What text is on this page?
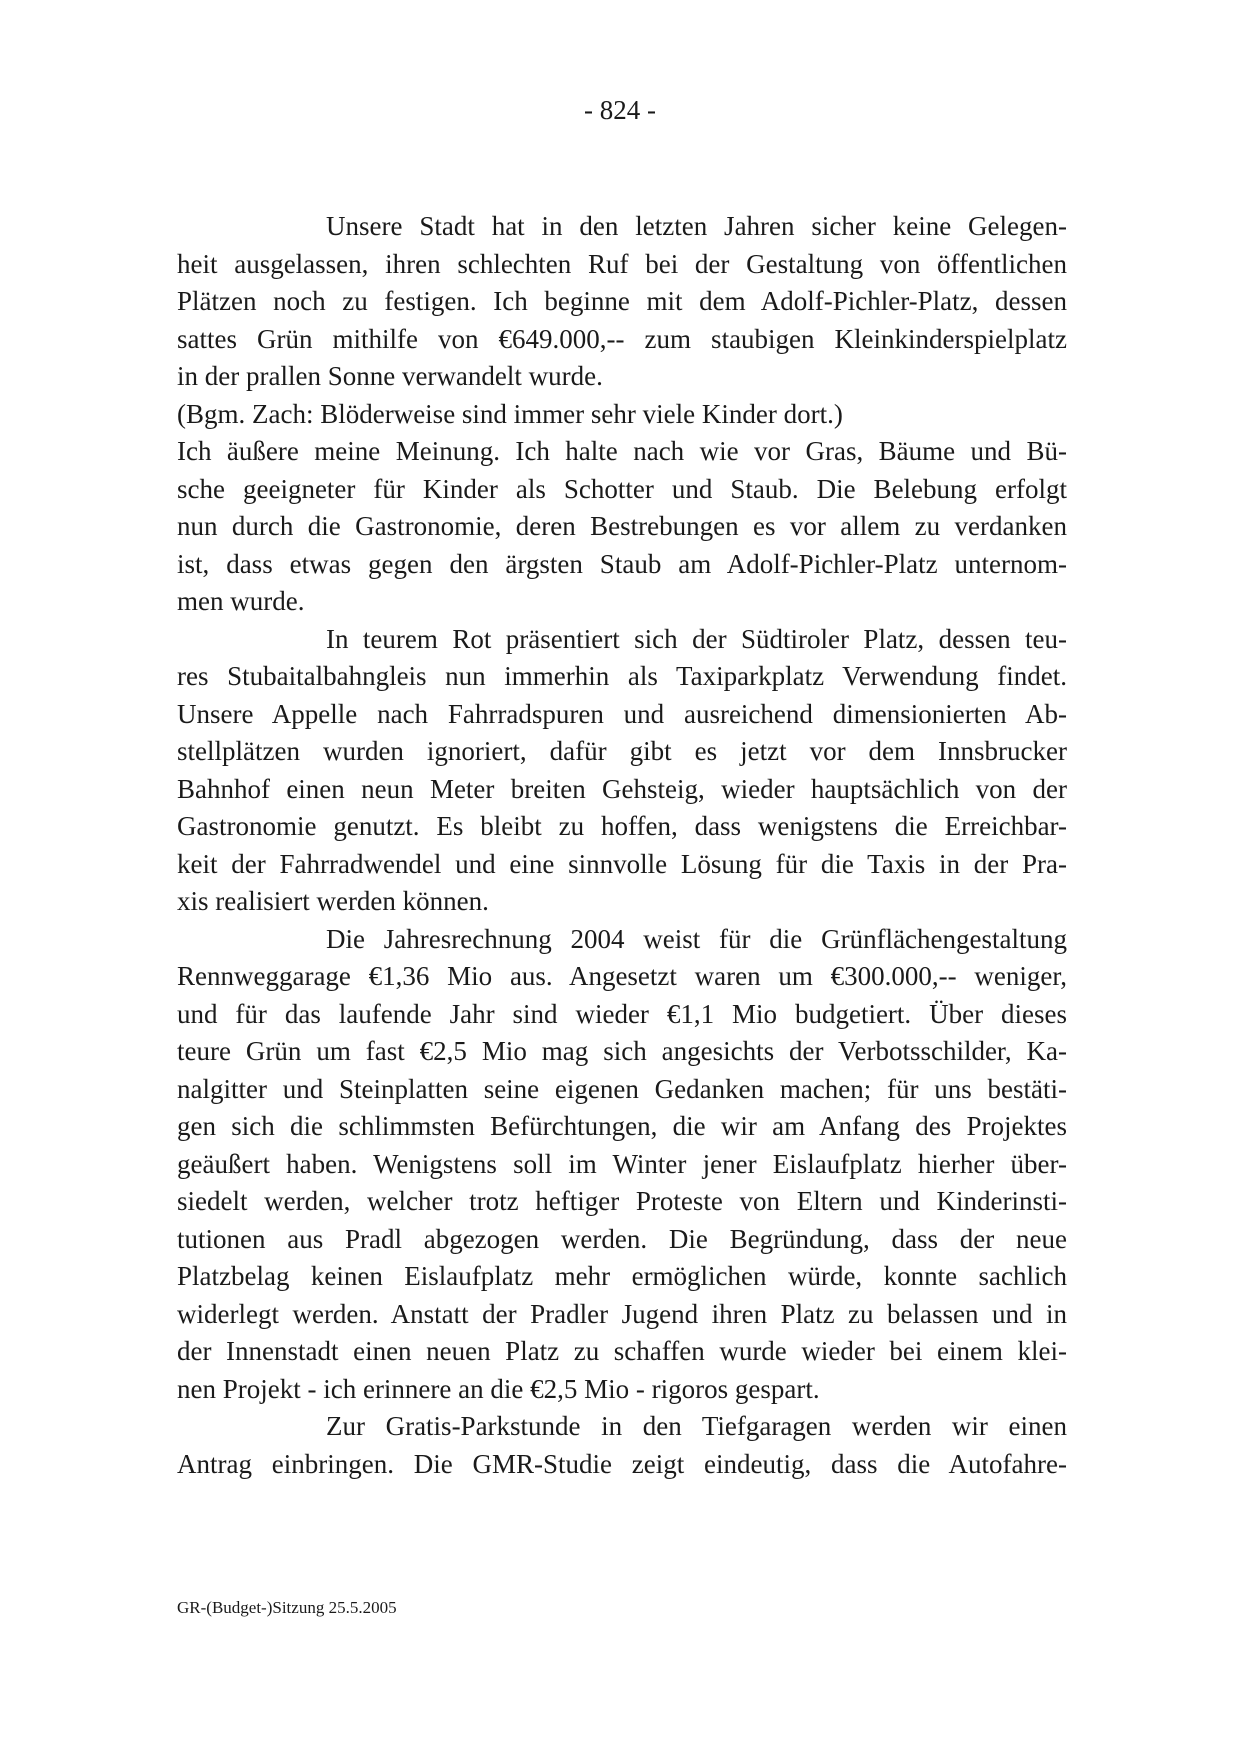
- 824 -
Unsere Stadt hat in den letzten Jahren sicher keine Gelegen-
heit ausgelassen, ihren schlechten Ruf bei der Gestaltung von öffentlichen
Plätzen noch zu festigen. Ich beginne mit dem Adolf-Pichler-Platz, dessen
sattes Grün mithilfe von €649.000,-- zum staubigen Kleinkinderspielplatz
in der prallen Sonne verwandelt wurde.
(Bgm. Zach: Blöderweise sind immer sehr viele Kinder dort.)
Ich äußere meine Meinung. Ich halte nach wie vor Gras, Bäume und Bü-
sche geeigneter für Kinder als Schotter und Staub. Die Belebung erfolgt
nun durch die Gastronomie, deren Bestrebungen es vor allem zu verdanken
ist, dass etwas gegen den ärgsten Staub am Adolf-Pichler-Platz unternom-
men wurde.
In teurem Rot präsentiert sich der Südtiroler Platz, dessen teu-
res Stubaitalbahngleis nun immerhin als Taxiparkplatz Verwendung findet.
Unsere Appelle nach Fahrradspuren und ausreichend dimensionierten Ab-
stellplätzen wurden ignoriert, dafür gibt es jetzt vor dem Innsbrucker
Bahnhof einen neun Meter breiten Gehsteig, wieder hauptsächlich von der
Gastronomie genutzt. Es bleibt zu hoffen, dass wenigstens die Erreichbar-
keit der Fahrradwendel und eine sinnvolle Lösung für die Taxis in der Pra-
xis realisiert werden können.
Die Jahresrechnung 2004 weist für die Grünflächengestaltung
Rennweggarage €1,36 Mio aus. Angesetzt waren um €300.000,-- weniger,
und für das laufende Jahr sind wieder €1,1 Mio budgetiert. Über dieses
teure Grün um fast €2,5 Mio mag sich angesichts der Verbotsschilder, Ka-
nalgitter und Steinplatten seine eigenen Gedanken machen; für uns bestäti-
gen sich die schlimmsten Befürchtungen, die wir am Anfang des Projektes
geäußert haben. Wenigstens soll im Winter jener Eislaufplatz hierher über-
siedelt werden, welcher trotz heftiger Proteste von Eltern und Kinderinsti-
tutionen aus Pradl abgezogen werden. Die Begründung, dass der neue
Platzbelag keinen Eislaufplatz mehr ermöglichen würde, konnte sachlich
widerlegt werden. Anstatt der Pradler Jugend ihren Platz zu belassen und in
der Innenstadt einen neuen Platz zu schaffen wurde wieder bei einem klei-
nen Projekt - ich erinnere an die €2,5 Mio - rigoros gespart.
Zur Gratis-Parkstunde in den Tiefgaragen werden wir einen
Antrag einbringen. Die GMR-Studie zeigt eindeutig, dass die Autofahre-
GR-(Budget-)Sitzung 25.5.2005
